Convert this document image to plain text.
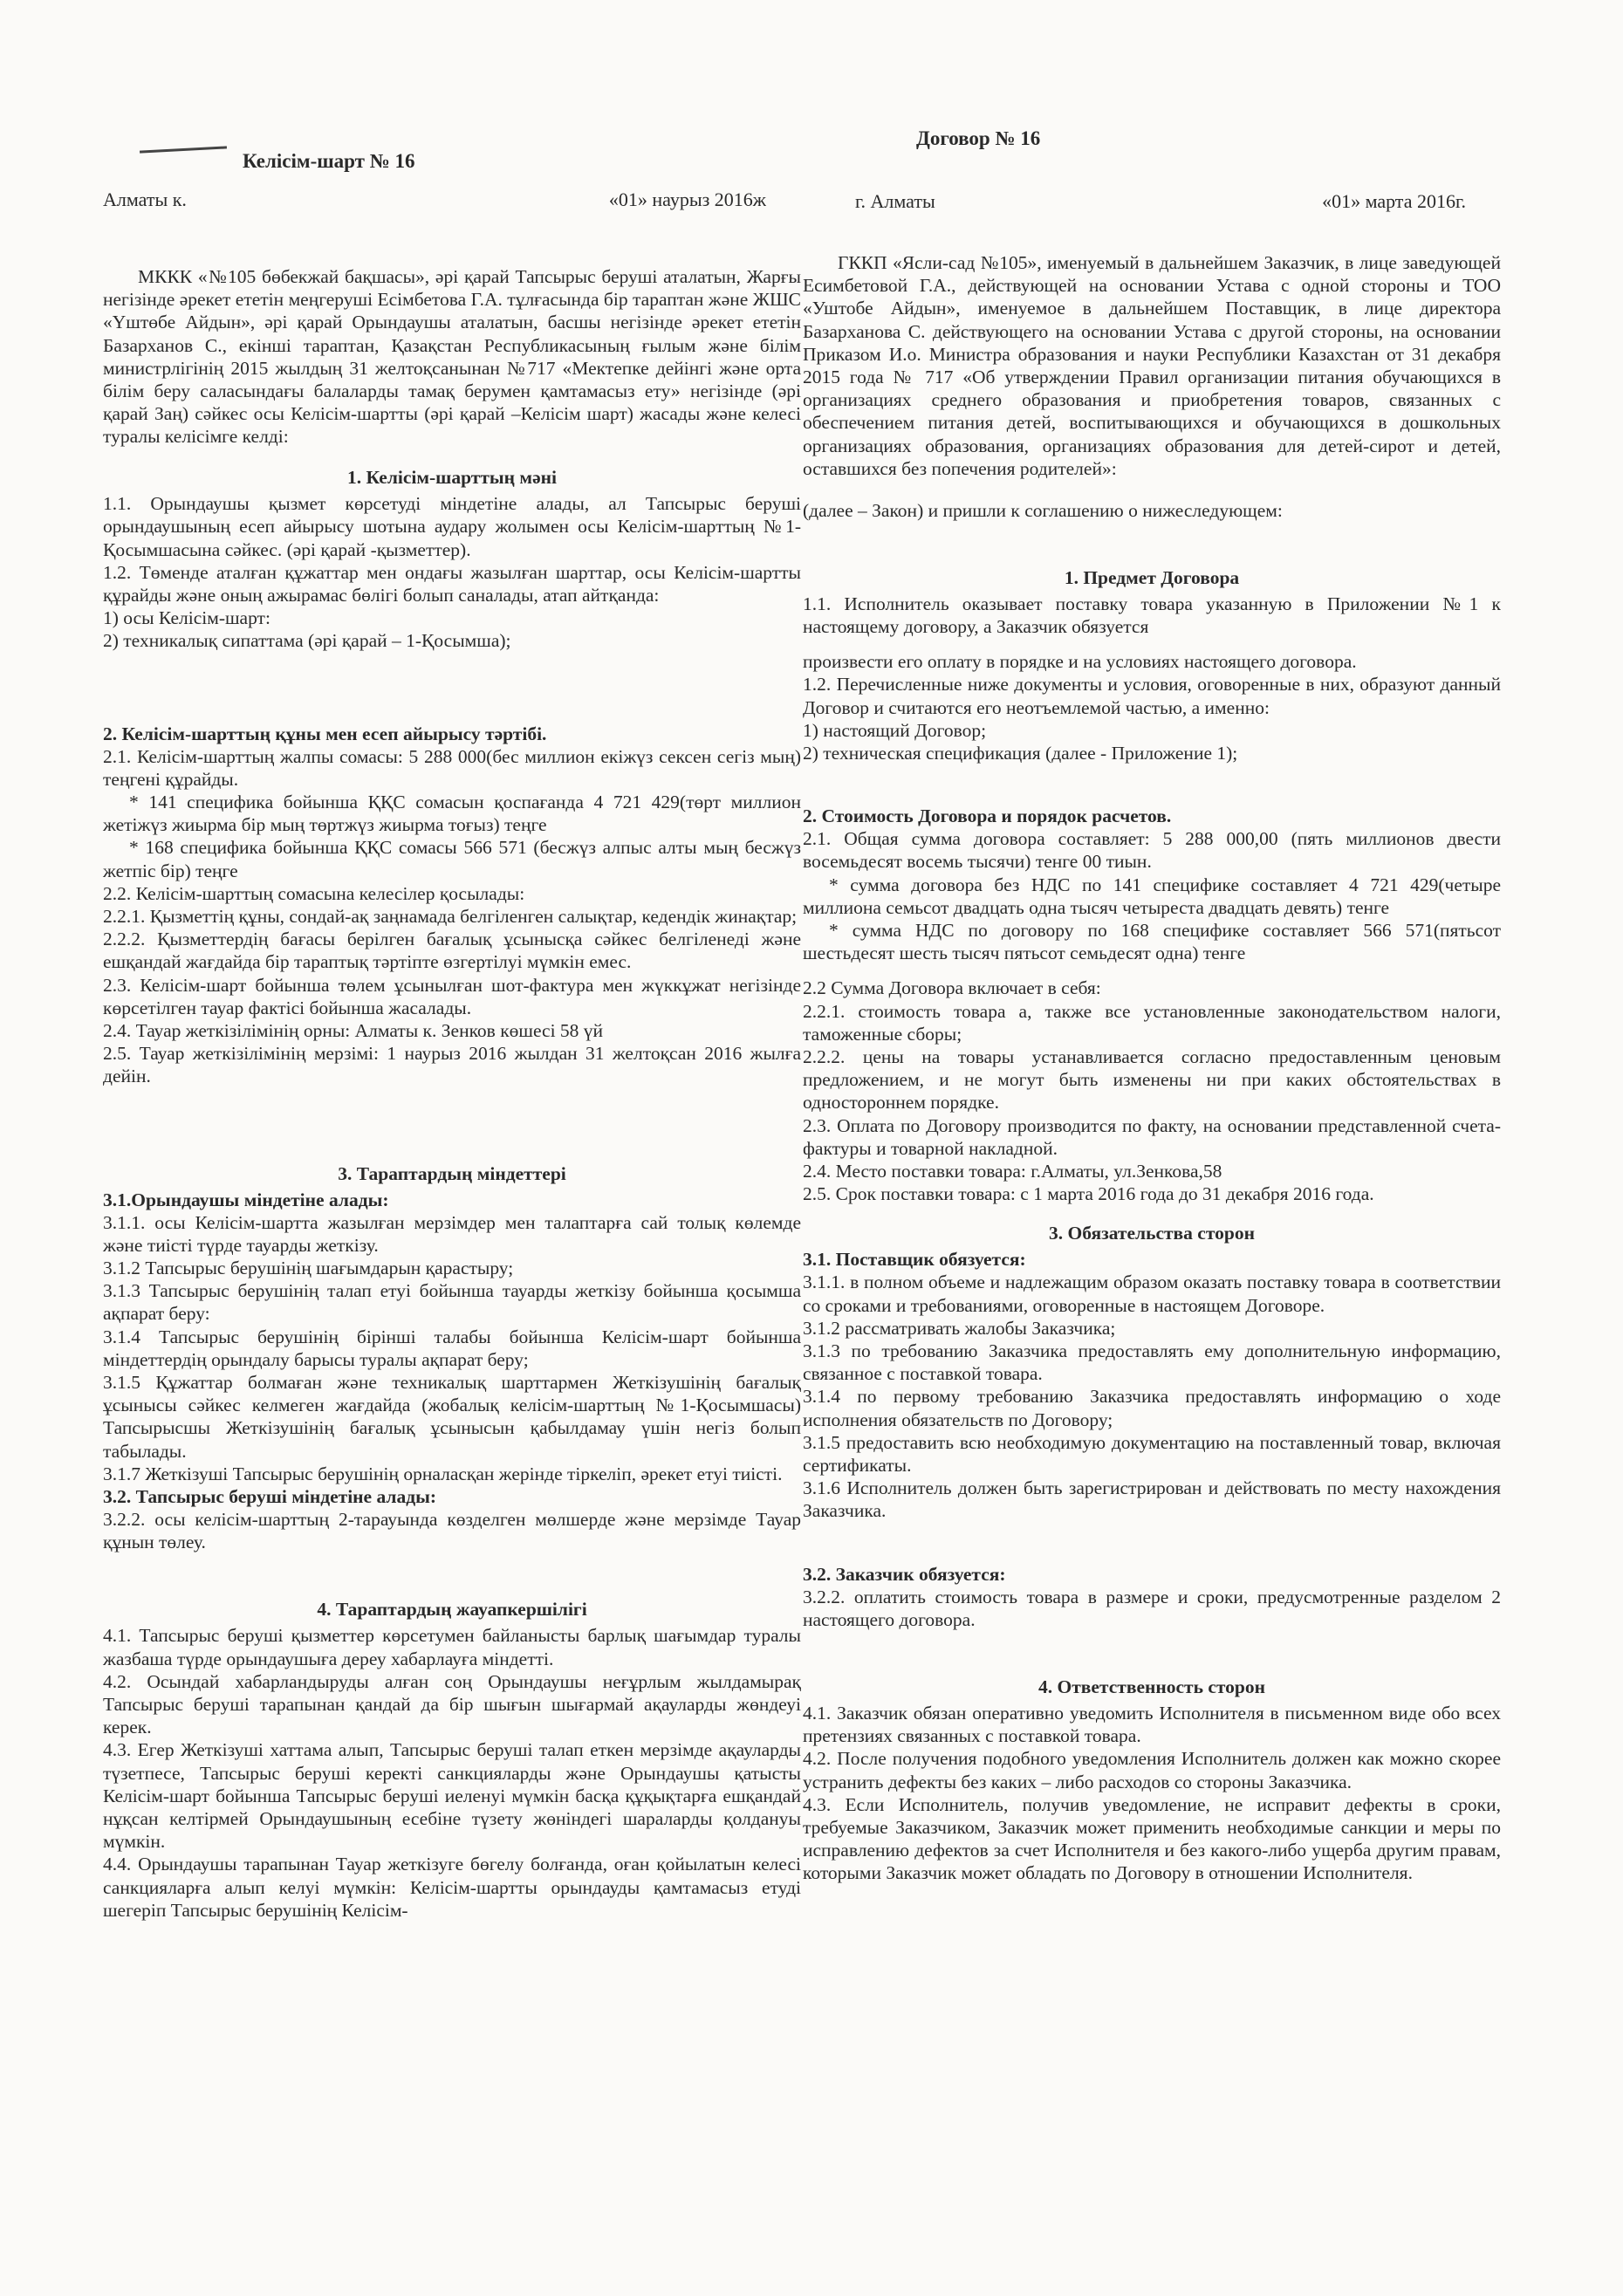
Келісім-шарт № 16

Алматы к.	«01» наурыз 2016ж

МККК «№105 бөбекжай бақшасы», әрі қарай Тапсырыс беруші аталатын, Жарғы негізінде әрекет ететін меңгеруші Есімбетова Г.А. тұлғасында бір тараптан және ЖШС «Үштөбе Айдын», әрі қарай Орындаушы аталатын, басшы негізінде әрекет ететін Базарханов С., екінші тараптан, Қазақстан Республикасының ғылым және білім министрлігінің 2015 жылдың 31 желтоқсанынан №717 «Мектепке дейінгі және орта білім беру саласындағы балаларды тамақ берумен қамтамасыз ету» негізінде (әрі қарай Заң) сәйкес осы Келісім-шартты (әрі қарай –Келісім шарт) жасады және келесі туралы келісімге келді:

1. Келісім-шарттың мәні

1.1. Орындаушы қызмет көрсетуді міндетіне алады, ал Тапсырыс беруші орындаушының есеп айырысу шотына аудару жолымен осы Келісім-шарттың №1-Қосымшасына сәйкес. (әрі қарай -қызметтер).

1.2. Төменде аталған құжаттар мен ондағы жазылған шарттар, осы Келісім-шартты құрайды және оның ажырамас бөлігі болып саналады, атап айтқанда:

1) осы Келісім-шарт:

2) техникалық сипаттама (әрі қарай – 1-Қосымша);

2. Келісім-шарттың құны мен есеп айырысу тәртібі.

2.1. Келісім-шарттың жалпы сомасы: 5 288 000(бес миллион екіжүз сексен сегіз мың) теңгені құрайды.

* 141 спецификa бойынша ҚҚС сомасын қоспағанда 4 721 429(төрт миллион жетіжүз жиырма бір мың төртжүз жиырма тоғыз) теңге

* 168 спецификa бойынша ҚҚС сомасы 566 571 (бесжүз алпыс алты мың бесжүз жетпіс бір) теңге

2.2. Келісім-шарттың сомасына келесілер қосылады:

2.2.1. Қызметтің құны, сондай-ақ заңнамада белгіленген салықтар, кедендік жинақтар;

2.2.2. Қызметтердің бағасы берілген бағалық ұсынысқа сәйкес белгіленеді және ешқандай жағдайда бір тараптық тәртіпте өзгертілуі мүмкін емес.

2.3. Келісім-шарт бойынша төлем ұсынылған шот-фактура мен жүккұжат негізінде көрсетілген тауар фактісі бойынша жасалады.

2.4. Тауар жеткізілімінің орны: Алматы к. Зенков көшесі 58 үй

2.5. Тауар жеткізілімінің мерзімі: 1 наурыз 2016 жылдан 31 желтоқсан 2016 жылға дейін.

3. Тараптардың міндеттері

3.1.Орындаушы міндетіне алады:

3.1.1. осы Келісім-шартта жазылған мерзімдер мен талаптарға сай толық көлемде және тиісті түрде тауарды жеткізу.

3.1.2 Тапсырыс берушінің шағымдарын қарастыру;

3.1.3 Тапсырыс берушінің талап етуі бойынша тауарды жеткізу бойынша қосымша ақпарат беру:

3.1.4 Тапсырыс берушінің бірінші талабы бойынша Келісім-шарт бойынша міндеттердің орындалу барысы туралы ақпарат беру;

3.1.5 Құжаттар болмаған және техникалық шарттармен Жеткізушінің бағалық ұсынысы сәйкес келмеген жағдайда (жобалық келісім-шарттың №1-Қосымшасы) Тапсырысшы Жеткізушінің бағалық ұсынысын қабылдамау үшін негіз болып табылады.

3.1.7 Жеткізуші Тапсырыс берушінің орналасқан жерінде тіркеліп, әрекет етуі тиісті.

3.2. Тапсырыс беруші міндетіне алады:

3.2.2. осы келісім-шарттың 2-тарауында көзделген мөлшерде және мерзімде Тауар құнын төлеу.

4. Тараптардың жауапкершілігі

4.1. Тапсырыс беруші қызметтер көрсетумен байланысты барлық шағымдар туралы жазбаша түрде орындаушыға дереу хабарлауға міндетті.

4.2. Осындай хабарландыруды алған соң Орындаушы неғұрлым жылдамырақ Тапсырыс беруші тарапынан қандай да бір шығын шығармай ақауларды жөндеуі керек.

4.3. Егер Жеткізуші хаттама алып, Тапсырыс беруші талап еткен мерзімде ақауларды түзетпесе, Тапсырыс беруші керекті санкцияларды және Орындаушы қатысты Келісім-шарт бойынша Тапсырыс беруші иеленуі мүмкін басқа құқықтарға ешқандай нұқсан келтірмей Орындаушының есебіне түзету жөніндегі шараларды қолдануы мүмкін.

4.4. Орындаушы тарапынан Тауар жеткізуге бөгелу болғанда, оған қойылатын келесі санкцияларға алып келуі мүмкін: Келісім-шартты орындауды қамтамасыз етуді шегеріп Тапсырыс берушінің Келісім-

Договор № 16

г. Алматы	«01» марта 2016г.

ГККП «Ясли-сад №105», именуемый в дальнейшем Заказчик, в лице заведующей Есимбетовой Г.А., действующей на основании Устава с одной стороны и ТОО «Уштобе Айдын», именуемое в дальнейшем Поставщик, в лице директора Базарханова С. действующего на основании Устава с другой стороны, на основании Приказом И.о. Министра образования и науки Республики Казахстан от 31 декабря 2015 года № 717 «Об утверждении Правил организации питания обучающихся в организациях среднего образования и приобретения товаров, связанных с обеспечением питания детей, воспитывающихся и обучающихся в дошкольных организациях образования, организациях образования для детей-сирот и детей, оставшихся без попечения родителей»:

(далее – Закон) и пришли к соглашению о нижеследующем:

1. Предмет Договора

1.1. Исполнитель оказывает поставку товара указанную в Приложении №1 к настоящему договору, а Заказчик обязуется

произвести его оплату в порядке и на условиях настоящего договора.

1.2. Перечисленные ниже документы и условия, оговоренные в них, образуют данный Договор и считаются его неотъемлемой частью, а именно:

1) настоящий Договор;

2) техническая спецификация (далее - Приложение 1);

2. Стоимость Договора и порядок расчетов.

2.1. Общая сумма договора составляет: 5 288 000,00 (пять миллионов двести восемьдесят восемь тысячи) тенге 00 тиын.

* сумма договора без НДС по 141 специфике составляет 4 721 429(четыре миллиона семьсот двадцать одна тысяч четыреста двадцать девять) тенге

* сумма НДС по договору по 168 специфике составляет 566 571(пятьсот шестьдесят шесть тысяч пятьсот семьдесят одна) тенге

2.2 Сумма Договора включает в себя:

2.2.1. стоимость товара а, также все установленные законодательством налоги, таможенные сборы;

2.2.2. цены на товары устанавливается согласно предоставленным ценовым предложением, и не могут быть изменены ни при каких обстоятельствах в одностороннем порядке.

2.3. Оплата по Договору производится по факту, на основании представленной счета-фактуры и товарной накладной.

2.4. Место поставки товара: г.Алматы, ул.Зенкова,58

2.5. Срок поставки товара: с 1 марта 2016 года до 31 декабря 2016 года.

3. Обязательства сторон

3.1. Поставщик обязуется:

3.1.1. в полном объеме и надлежащим образом оказать поставку товара в соответствии со сроками и требованиями, оговоренные в настоящем Договоре.

3.1.2 рассматривать жалобы Заказчика;

3.1.3 по требованию Заказчика предоставлять ему дополнительную информацию, связанное с поставкой товара.

3.1.4 по первому требованию Заказчика предоставлять информацию о ходе исполнения обязательств по Договору;

3.1.5 предоставить всю необходимую документацию на поставленный товар, включая сертификаты.

3.1.6 Исполнитель должен быть зарегистрирован и действовать по месту нахождения Заказчика.

3.2. Заказчик обязуется:

3.2.2. оплатить стоимость товара в размере и сроки, предусмотренные разделом 2 настоящего договора.

4. Ответственность сторон

4.1. Заказчик обязан оперативно уведомить Исполнителя в письменном виде обо всех претензиях связанных с поставкой товара.

4.2. После получения подобного уведомления Исполнитель должен как можно скорее устранить дефекты без каких – либо расходов со стороны Заказчика.

4.3. Если Исполнитель, получив уведомление, не исправит дефекты в сроки, требуемые Заказчиком, Заказчик может применить необходимые санкции и меры по исправлению дефектов за счет Исполнителя и без какого-либо ущерба другим правам, которыми Заказчик может обладать по Договору в отношении Исполнителя.
